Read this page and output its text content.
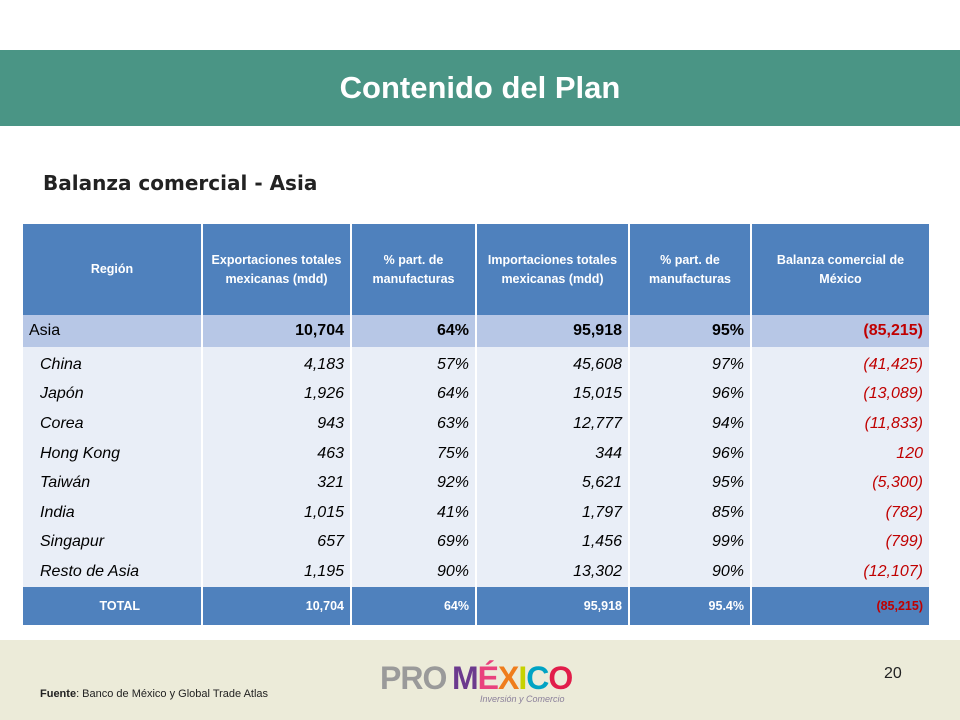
Contenido del Plan
Balanza comercial - Asia
Región	Exportaciones totales mexicanas (mdd)	% part. de manufacturas	Importaciones totales mexicanas (mdd)	% part. de manufacturas	Balanza comercial de México
Asia	10,704	64%	95,918	95%	(85,215)
China	4,183	57%	45,608	97%	(41,425)
Japón	1,926	64%	15,015	96%	(13,089)
Corea	943	63%	12,777	94%	(11,833)
Hong Kong	463	75%	344	96%	120
Taiwán	321	92%	5,621	95%	(5,300)
India	1,015	41%	1,797	85%	(782)
Singapur	657	69%	1,456	99%	(799)
Resto de Asia	1,195	90%	13,302	90%	(12,107)
TOTAL	10,704	64%	95,918	95.4%	(85,215)
PRO MÉXICO
Inversión y Comercio
Fuente: Banco de México y Global Trade Atlas
20
